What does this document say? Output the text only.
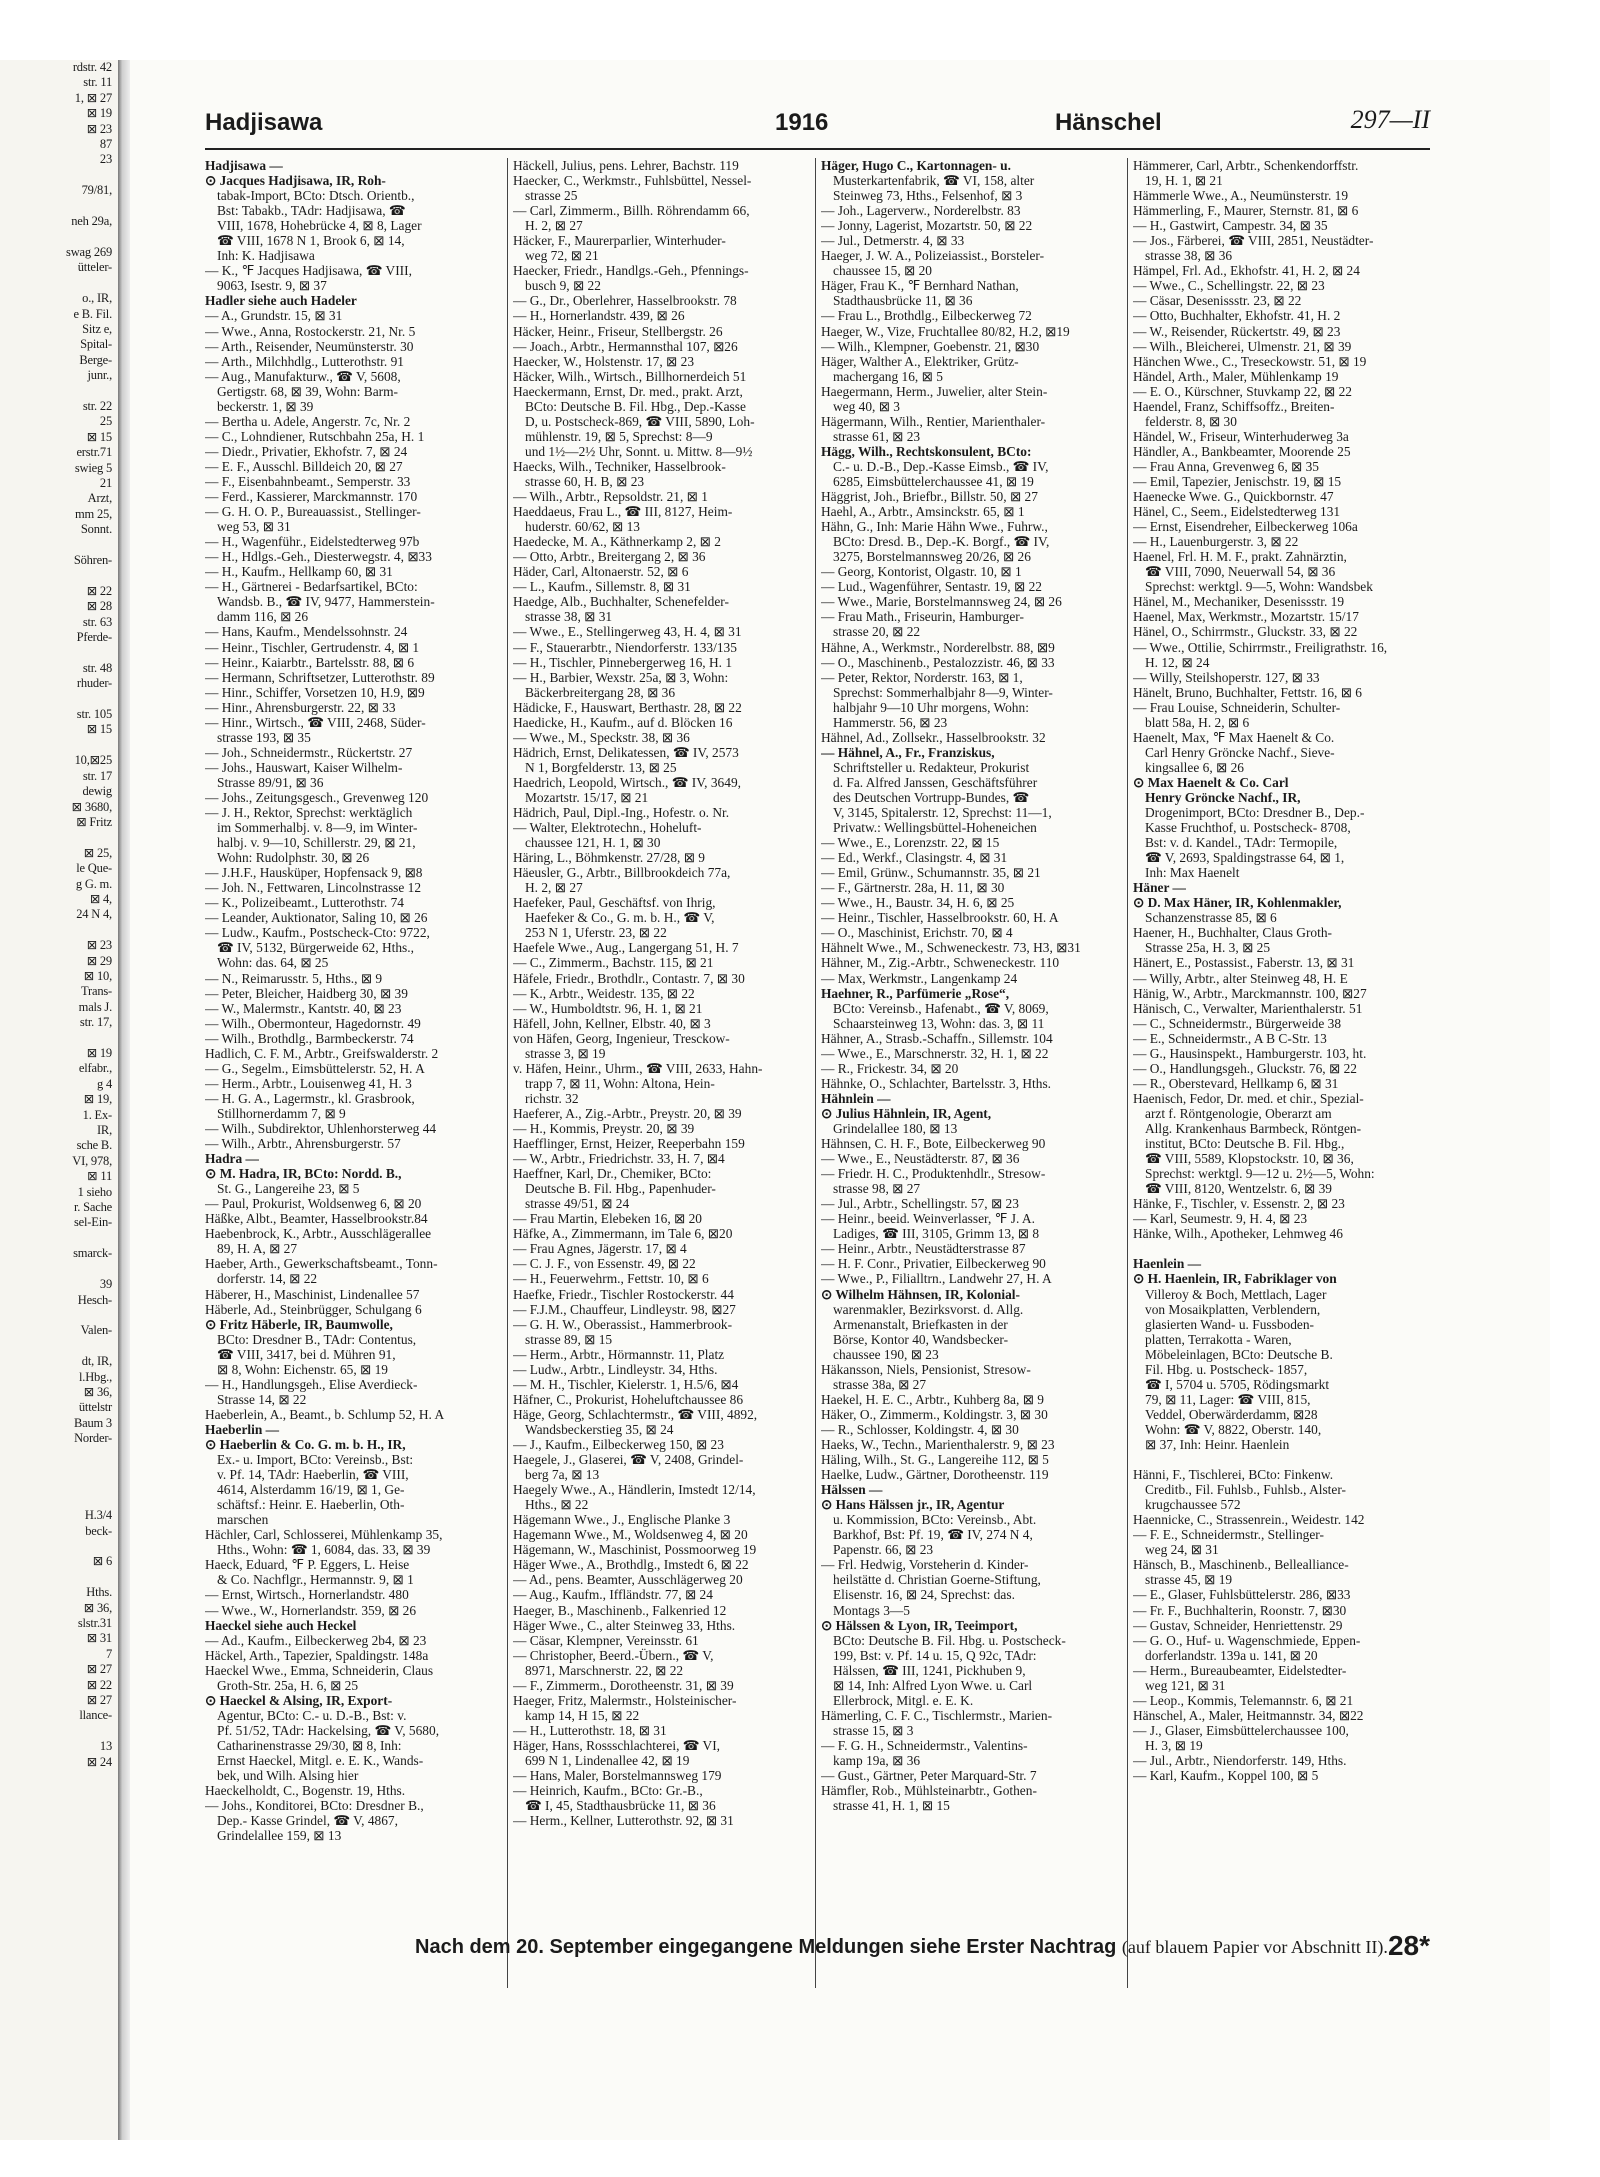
rdstr. 42
str. 11
1, ⊠ 27
⊠ 19
⊠ 23
87
23

79/81,

neh 29a,

swag 269
ütteler-

o., IR,
e B. Fil.
Sitz e,
Spital-
Berge-
junr.,

str. 22
25
⊠ 15
erstr.71
swieg 5
21
Arzt,
mm 25,
Sonnt.

Söhren-

⊠ 22
⊠ 28
str. 63
Pferde-

str. 48
rhuder-

str. 105
⊠ 15

10,⊠25
str. 17
dewig
⊠ 3680,
⊠ Fritz

⊠ 25,
le Que-
g G. m.
⊠ 4,
24 N 4,

⊠ 23
⊠ 29
⊠ 10,
Trans-
mals J.
str. 17,

⊠ 19
elfabr.,
g 4
⊠ 19,
1. Ex-
IR,
sche B.
VI, 978,
⊠ 11
1 sieho
r. Sache
sel-Ein-

smarck-

39
Hesch-

Valen-

dt, IR,
l.Hbg.,
⊠ 36,
üttelstr
Baum 3
Norder-

H.3/4
beck-

⊠ 6

Hths.
⊠ 36,
slstr.31
⊠ 31
7
⊠ 27
⊠ 22
⊠ 27
llance-

13
⊠ 24
Hadjisawa	1916	Hänschel	297—II
Hadjisawa —
⊙ Jacques Hadjisawa, IR, Roh-
tabak-Import, BCto: Dtsch. Orientb.,
Bst: Tabakb., TAdr: Hadjisawa, ☎
VIII, 1678, Hohebrücke 4, ⊠ 8, Lager
☎ VIII, 1678 N 1, Brook 6, ⊠ 14,
Inh: K. Hadjisawa
— K., ℉ Jacques Hadjisawa, ☎ VIII,
9063, Isestr. 9, ⊠ 37
Hadler siehe auch Hadeler
— A., Grundstr. 15, ⊠ 31
— Wwe., Anna, Rostockerstr. 21, Nr. 5
— Arth., Reisender, Neumünsterstr. 30
— Arth., Milchhdlg., Lutterothstr. 91
— Aug., Manufakturw., ☎ V, 5608,
Gertigstr. 68, ⊠ 39, Wohn: Barm-
beckerstr. 1, ⊠ 39
— Bertha u. Adele, Angerstr. 7c, Nr. 2
— C., Lohndiener, Rutschbahn 25a, H. 1
— Diedr., Privatier, Ekhofstr. 7, ⊠ 24
— E. F., Ausschl. Billdeich 20, ⊠ 27
— F., Eisenbahnbeamt., Semperstr. 33
— Ferd., Kassierer, Marckmannstr. 170
— G. H. O. P., Bureauassist., Stellinger-
weg 53, ⊠ 31
— H., Wagenführ., Eidelstedterweg 97b
— H., Hdlgs.-Geh., Diesterwegstr. 4, ⊠33
— H., Kaufm., Hellkamp 60, ⊠ 31
— H., Gärtnerei - Bedarfsartikel, BCto:
Wandsb. B., ☎ IV, 9477, Hammerstein-
damm 116, ⊠ 26
— Hans, Kaufm., Mendelssohnstr. 24
— Heinr., Tischler, Gertrudenstr. 4, ⊠ 1
— Heinr., Kaiarbtr., Bartelsstr. 88, ⊠ 6
— Hermann, Schriftsetzer, Lutterothstr. 89
— Hinr., Schiffer, Vorsetzen 10, H.9, ⊠9
— Hinr., Ahrensburgerstr. 22, ⊠ 33
— Hinr., Wirtsch., ☎ VIII, 2468, Süder-
strasse 193, ⊠ 35
— Joh., Schneidermstr., Rückertstr. 27
— Johs., Hauswart, Kaiser Wilhelm-
Strasse 89/91, ⊠ 36
— Johs., Zeitungsgesch., Grevenweg 120
— J. H., Rektor, Sprechst: werktäglich
im Sommerhalbj. v. 8—9, im Winter-
halbj. v. 9—10, Schillerstr. 29, ⊠ 21,
Wohn: Rudolphstr. 30, ⊠ 26
— J.H.F., Hausküper, Hopfensack 9, ⊠8
— Joh. N., Fettwaren, Lincolnstrasse 12
— K., Polizeibeamt., Lutterothstr. 74
— Leander, Auktionator, Saling 10, ⊠ 26
— Ludw., Kaufm., Postscheck-Cto: 9722,
☎ IV, 5132, Bürgerweide 62, Hths.,
Wohn: das. 64, ⊠ 25
— N., Reimarusstr. 5, Hths., ⊠ 9
— Peter, Bleicher, Haidberg 30, ⊠ 39
— W., Malermstr., Kantstr. 40, ⊠ 23
— Wilh., Obermonteur, Hagedornstr. 49
— Wilh., Brothdlg., Barmbeckerstr. 74
Hadlich, C. F. M., Arbtr., Greifswalderstr. 2
— G., Segelm., Eimsbüttelerstr. 52, H. A
— Herm., Arbtr., Louisenweg 41, H. 3
— H. G. A., Lagermstr., kl. Grasbrook,
Stillhornerdamm 7, ⊠ 9
— Wilh., Subdirektor, Uhlenhorsterweg 44
— Wilh., Arbtr., Ahrensburgerstr. 57
Hadra —
⊙ M. Hadra, IR, BCto: Nordd. B.,
St. G., Langereihe 23, ⊠ 5
— Paul, Prokurist, Woldsenweg 6, ⊠ 20
Häßke, Albt., Beamter, Hasselbrookstr.84
Haebenbrock, K., Arbtr., Ausschlägerallee
89, H. A, ⊠ 27
Haeber, Arth., Gewerkschaftsbeamt., Tonn-
dorferstr. 14, ⊠ 22
Häberer, H., Maschinist, Lindenallee 57
Häberle, Ad., Steinbrügger, Schulgang 6
⊙ Fritz Häberle, IR, Baumwolle,
BCto: Dresdner B., TAdr: Contentus,
☎ VIII, 3417, bei d. Mühren 91,
⊠ 8, Wohn: Eichenstr. 65, ⊠ 19
— H., Handlungsgeh., Elise Averdieck-
Strasse 14, ⊠ 22
Haeberlein, A., Beamt., b. Schlump 52, H. A
Haeberlin —
⊙ Haeberlin & Co. G. m. b. H., IR,
Ex.- u. Import, BCto: Vereinsb., Bst:
v. Pf. 14, TAdr: Haeberlin, ☎ VIII,
4614, Alsterdamm 16/19, ⊠ 1, Ge-
schäftsf.: Heinr. E. Haeberlin, Oth-
marschen
Hächler, Carl, Schlosserei, Mühlenkamp 35,
Hths., Wohn: ☎ 1, 6084, das. 33, ⊠ 39
Haeck, Eduard, ℉ P. Eggers, L. Heise
& Co. Nachflgr., Hermannstr. 9, ⊠ 1
— Ernst, Wirtsch., Hornerlandstr. 480
— Wwe., W., Hornerlandstr. 359, ⊠ 26
Haeckel siehe auch Heckel
— Ad., Kaufm., Eilbeckerweg 2b4, ⊠ 23
Häckel, Arth., Tapezier, Spaldingstr. 148a
Haeckel Wwe., Emma, Schneiderin, Claus
Groth-Str. 25a, H. 6, ⊠ 25
⊙ Haeckel & Alsing, IR, Export-
Agentur, BCto: C.- u. D.-B., Bst: v.
Pf. 51/52, TAdr: Hackelsing, ☎ V, 5680,
Catharinenstrasse 29/30, ⊠ 8, Inh:
Ernst Haeckel, Mitgl. e. E. K., Wands-
bek, und Wilh. Alsing hier
Haeckelholdt, C., Bogenstr. 19, Hths.
— Johs., Konditorei, BCto: Dresdner B.,
Dep.- Kasse Grindel, ☎ V, 4867,
Grindelallee 159, ⊠ 13
Häckell, Julius, pens. Lehrer, Bachstr. 119
Haecker, C., Werkmstr., Fuhlsbüttel, Nessel-
strasse 25
— Carl, Zimmerm., Billh. Röhrendamm 66,
H. 2, ⊠ 27
Häcker, F., Maurerparlier, Winterhuder-
weg 72, ⊠ 21
Haecker, Friedr., Handlgs.-Geh., Pfennings-
busch 9, ⊠ 22
— G., Dr., Oberlehrer, Hasselbrookstr. 78
— H., Hornerlandstr. 439, ⊠ 26
Häcker, Heinr., Friseur, Stellbergstr. 26
— Joach., Arbtr., Hermannsthal 107, ⊠26
Haecker, W., Holstenstr. 17, ⊠ 23
Häcker, Wilh., Wirtsch., Billhornerdeich 51
Haeckermann, Ernst, Dr. med., prakt. Arzt,
BCto: Deutsche B. Fil. Hbg., Dep.-Kasse
D, u. Postscheck-869, ☎ VIII, 5890, Loh-
mühlenstr. 19, ⊠ 5, Sprechst: 8—9
und 1½—2½ Uhr, Sonnt. u. Mittw. 8—9½
Haecks, Wilh., Techniker, Hasselbrook-
strasse 60, H. B, ⊠ 23
— Wilh., Arbtr., Repsoldstr. 21, ⊠ 1
Haeddaeus, Frau L., ☎ III, 8127, Heim-
huderstr. 60/62, ⊠ 13
Haedecke, M. A., Käthnerkamp 2, ⊠ 2
— Otto, Arbtr., Breitergang 2, ⊠ 36
Häder, Carl, Altonaerstr. 52, ⊠ 6
— L., Kaufm., Sillemstr. 8, ⊠ 31
Haedge, Alb., Buchhalter, Schenefelder-
strasse 38, ⊠ 31
— Wwe., E., Stellingerweg 43, H. 4, ⊠ 31
— F., Stauerarbtr., Niendorferstr. 133/135
— H., Tischler, Pinnebergerweg 16, H. 1
— H., Barbier, Wexstr. 25a, ⊠ 3, Wohn:
Bäckerbreitergang 28, ⊠ 36
Hädicke, F., Hauswart, Berthastr. 28, ⊠ 22
Haedicke, H., Kaufm., auf d. Blöcken 16
— Wwe., M., Speckstr. 38, ⊠ 36
Hädrich, Ernst, Delikatessen, ☎ IV, 2573
N 1, Borgfelderstr. 13, ⊠ 25
Haedrich, Leopold, Wirtsch., ☎ IV, 3649,
Mozartstr. 15/17, ⊠ 21
Hädrich, Paul, Dipl.-Ing., Hofestr. o. Nr.
— Walter, Elektrotechn., Hoheluft-
chaussee 121, H. 1, ⊠ 30
Häring, L., Böhmkenstr. 27/28, ⊠ 9
Häeusler, G., Arbtr., Billbrookdeich 77a,
H. 2, ⊠ 27
Haefeker, Paul, Geschäftsf. von Ihrig,
Haefeker & Co., G. m. b. H., ☎ V,
253 N 1, Uferstr. 23, ⊠ 22
Haefele Wwe., Aug., Langergang 51, H. 7
— C., Zimmerm., Bachstr. 115, ⊠ 21
Häfele, Friedr., Brothdlr., Contastr. 7, ⊠ 30
— K., Arbtr., Weidestr. 135, ⊠ 22
— W., Humboldtstr. 96, H. 1, ⊠ 21
Häfell, John, Kellner, Elbstr. 40, ⊠ 3
von Häfen, Georg, Ingenieur, Tresckow-
strasse 3, ⊠ 19
v. Häfen, Heinr., Uhrm., ☎ VIII, 2633, Hahn-
trapp 7, ⊠ 11, Wohn: Altona, Hein-
richstr. 32
Haeferer, A., Zig.-Arbtr., Preystr. 20, ⊠ 39
— H., Kommis, Preystr. 20, ⊠ 39
Haefflinger, Ernst, Heizer, Reeperbahn 159
— W., Arbtr., Friedrichstr. 33, H. 7, ⊠4
Haeffner, Karl, Dr., Chemiker, BCto:
Deutsche B. Fil. Hbg., Papenhuder-
strasse 49/51, ⊠ 24
— Frau Martin, Elebeken 16, ⊠ 20
Häfke, A., Zimmermann, im Tale 6, ⊠20
— Frau Agnes, Jägerstr. 17, ⊠ 4
— C. J. F., von Essenstr. 49, ⊠ 22
— H., Feuerwehrm., Fettstr. 10, ⊠ 6
Haefke, Friedr., Tischler Rostockerstr. 44
— F.J.M., Chauffeur, Lindleystr. 98, ⊠27
— G. H. W., Oberassist., Hammerbrook-
strasse 89, ⊠ 15
— Herm., Arbtr., Hörmannstr. 11, Platz
— Ludw., Arbtr., Lindleystr. 34, Hths.
— M. H., Tischler, Kielerstr. 1, H.5/6, ⊠4
Häfner, C., Prokurist, Hoheluftchaussee 86
Häge, Georg, Schlachtermstr., ☎ VIII, 4892,
Wandsbeckerstieg 35, ⊠ 24
— J., Kaufm., Eilbeckerweg 150, ⊠ 23
Haegele, J., Glaserei, ☎ V, 2408, Grindel-
berg 7a, ⊠ 13
Haegely Wwe., A., Händlerin, Imstedt 12/14,
Hths., ⊠ 22
Hägemann Wwe., J., Englische Planke 3
Hagemann Wwe., M., Woldsenweg 4, ⊠ 20
Hägemann, W., Maschinist, Possmoorweg 19
Häger Wwe., A., Brothdlg., Imstedt 6, ⊠ 22
— Ad., pens. Beamter, Ausschlägerweg 20
— Aug., Kaufm., Iffländstr. 77, ⊠ 24
Haeger, B., Maschinenb., Falkenried 12
Häger Wwe., C., alter Steinweg 33, Hths.
— Cäsar, Klempner, Vereinsstr. 61
— Christopher, Beerd.-Übern., ☎ V,
8971, Marschnerstr. 22, ⊠ 22
— F., Zimmerm., Dorotheenstr. 31, ⊠ 39
Haeger, Fritz, Malermstr., Holsteinischer-
kamp 14, H 15, ⊠ 22
— H., Lutterothstr. 18, ⊠ 31
Häger, Hans, Rossschlachterei, ☎ VI,
699 N 1, Lindenallee 42, ⊠ 19
— Hans, Maler, Borstelmannsweg 179
— Heinrich, Kaufm., BCto: Gr.-B.,
☎ I, 45, Stadthausbrücke 11, ⊠ 36
— Herm., Kellner, Lutterothstr. 92, ⊠ 31
Häger, Hugo C., Kartonnagen- u.
Musterkartenfabrik, ☎ VI, 158, alter
Steinweg 73, Hths., Felsenhof, ⊠ 3
— Joh., Lagerverw., Norderelbstr. 83
— Jonny, Lagerist, Mozartstr. 50, ⊠ 22
— Jul., Detmerstr. 4, ⊠ 33
Haeger, J. W. A., Polizeiassist., Borsteler-
chaussee 15, ⊠ 20
Häger, Frau K., ℉ Bernhard Nathan,
Stadthausbrücke 11, ⊠ 36
— Frau L., Brothdlg., Eilbeckerweg 72
Haeger, W., Vize, Fruchtallee 80/82, H.2, ⊠19
— Wilh., Klempner, Goebenstr. 21, ⊠30
Häger, Walther A., Elektriker, Grütz-
machergang 16, ⊠ 5
Haegermann, Herm., Juwelier, alter Stein-
weg 40, ⊠ 3
Hägermann, Wilh., Rentier, Marienthaler-
strasse 61, ⊠ 23
Hägg, Wilh., Rechtskonsulent, BCto:
C.- u. D.-B., Dep.-Kasse Eimsb., ☎ IV,
6285, Eimsbüttelerchaussee 41, ⊠ 19
Häggrist, Joh., Briefbr., Billstr. 50, ⊠ 27
Haehl, A., Arbtr., Amsinckstr. 65, ⊠ 1
Hähn, G., Inh: Marie Hähn Wwe., Fuhrw.,
BCto: Dresd. B., Dep.-K. Borgf., ☎ IV,
3275, Borstelmannsweg 20/26, ⊠ 26
— Georg, Kontorist, Olgastr. 10, ⊠ 1
— Lud., Wagenführer, Sentastr. 19, ⊠ 22
— Wwe., Marie, Borstelmannsweg 24, ⊠ 26
— Frau Math., Friseurin, Hamburger-
strasse 20, ⊠ 22
Hähne, A., Werkmstr., Norderelbstr. 88, ⊠9
— O., Maschinenb., Pestalozzistr. 46, ⊠ 33
— Peter, Rektor, Norderstr. 163, ⊠ 1,
Sprechst: Sommerhalbjahr 8—9, Winter-
halbjahr 9—10 Uhr morgens, Wohn:
Hammerstr. 56, ⊠ 23
Hähnel, Ad., Zollsekr., Hasselbrookstr. 32
— Hähnel, A., Fr., Franziskus,
Schriftsteller u. Redakteur, Prokurist
d. Fa. Alfred Janssen, Geschäftsführer
des Deutschen Vortrupp-Bundes, ☎
V, 3145, Spitalerstr. 12, Sprechst: 11—1,
Privatw.: Wellingsbüttel-Hoheneichen
— Wwe., E., Lorenzstr. 22, ⊠ 15
— Ed., Werkf., Clasingstr. 4, ⊠ 31
— Emil, Grünw., Schumannstr. 35, ⊠ 21
— F., Gärtnerstr. 28a, H. 11, ⊠ 30
— Wwe., H., Baustr. 34, H. 6, ⊠ 25
— Heinr., Tischler, Hasselbrookstr. 60, H. A
— O., Maschinist, Erichstr. 70, ⊠ 4
Hähnelt Wwe., M., Schweneckestr. 73, H3, ⊠31
Hähner, M., Zig.-Arbtr., Schweneckestr. 110
— Max, Werkmstr., Langenkamp 24
Haehner, R., Parfümerie „Rose“,
BCto: Vereinsb., Hafenabt., ☎ V, 8069,
Schaarsteinweg 13, Wohn: das. 3, ⊠ 11
Hähner, A., Strasb.-Schaffn., Sillemstr. 104
— Wwe., E., Marschnerstr. 32, H. 1, ⊠ 22
— R., Frickestr. 34, ⊠ 20
Hähnke, O., Schlachter, Bartelsstr. 3, Hths.
Hähnlein —
⊙ Julius Hähnlein, IR, Agent,
Grindelallee 180, ⊠ 13
Hähnsen, C. H. F., Bote, Eilbeckerweg 90
— Wwe., E., Neustädterstr. 87, ⊠ 36
— Friedr. H. C., Produktenhdlr., Stresow-
strasse 98, ⊠ 27
— Jul., Arbtr., Schellingstr. 57, ⊠ 23
— Heinr., beeid. Weinverlasser, ℉ J. A.
Ladiges, ☎ III, 3105, Grimm 13, ⊠ 8
— Heinr., Arbtr., Neustädterstrasse 87
— H. F. Conr., Privatier, Eilbeckerweg 90
— Wwe., P., Filialltrn., Landwehr 27, H. A
⊙ Wilhelm Hähnsen, IR, Kolonial-
warenmakler, Bezirksvorst. d. Allg.
Armenanstalt, Briefkasten in der
Börse, Kontor 40, Wandsbecker-
chaussee 190, ⊠ 23
Häkansson, Niels, Pensionist, Stresow-
strasse 38a, ⊠ 27
Haekel, H. E. C., Arbtr., Kuhberg 8a, ⊠ 9
Häker, O., Zimmerm., Koldingstr. 3, ⊠ 30
— R., Schlosser, Koldingstr. 4, ⊠ 30
Haeks, W., Techn., Marienthalerstr. 9, ⊠ 23
Häling, Wilh., St. G., Langereihe 112, ⊠ 5
Haelke, Ludw., Gärtner, Dorotheenstr. 119
Hälssen —
⊙ Hans Hälssen jr., IR, Agentur
u. Kommission, BCto: Vereinsb., Abt.
Barkhof, Bst: Pf. 19, ☎ IV, 274 N 4,
Papenstr. 66, ⊠ 23
— Frl. Hedwig, Vorsteherin d. Kinder-
heilstätte d. Christian Goerne-Stiftung,
Elisenstr. 16, ⊠ 24, Sprechst: das.
Montags 3—5
⊙ Hälssen & Lyon, IR, Teeimport,
BCto: Deutsche B. Fil. Hbg. u. Postscheck-
199, Bst: v. Pf. 14 u. 15, Q 92c, TAdr:
Hälssen, ☎ III, 1241, Pickhuben 9,
⊠ 14, Inh: Alfred Lyon Wwe. u. Carl
Ellerbrock, Mitgl. e. E. K.
Hämerling, C. F. C., Tischlermstr., Marien-
strasse 15, ⊠ 3
— F. G. H., Schneidermstr., Valentins-
kamp 19a, ⊠ 36
— Gust., Gärtner, Peter Marquard-Str. 7
Hämfler, Rob., Mühlsteinarbtr., Gothen-
strasse 41, H. 1, ⊠ 15
Hämmerer, Carl, Arbtr., Schenkendorffstr.
19, H. 1, ⊠ 21
Hämmerle Wwe., A., Neumünsterstr. 19
Hämmerling, F., Maurer, Sternstr. 81, ⊠ 6
— H., Gastwirt, Campestr. 34, ⊠ 35
— Jos., Färberei, ☎ VIII, 2851, Neustädter-
strasse 38, ⊠ 36
Hämpel, Frl. Ad., Ekhofstr. 41, H. 2, ⊠ 24
— Wwe., C., Schellingstr. 22, ⊠ 23
— Cäsar, Desenissstr. 23, ⊠ 22
— Otto, Buchhalter, Ekhofstr. 41, H. 2
— W., Reisender, Rückertstr. 49, ⊠ 23
— Wilh., Bleicherei, Ulmenstr. 21, ⊠ 39
Hänchen Wwe., C., Treseckowstr. 51, ⊠ 19
Händel, Arth., Maler, Mühlenkamp 19
— E. O., Kürschner, Stuvkamp 22, ⊠ 22
Haendel, Franz, Schiffsoffz., Breiten-
felderstr. 8, ⊠ 30
Händel, W., Friseur, Winterhuderweg 3a
Händler, A., Bankbeamter, Moorende 25
— Frau Anna, Grevenweg 6, ⊠ 35
— Emil, Tapezier, Jenischstr. 19, ⊠ 15
Haenecke Wwe. G., Quickbornstr. 47
Hänel, C., Seem., Eidelstedterweg 131
— Ernst, Eisendreher, Eilbeckerweg 106a
— H., Lauenburgerstr. 3, ⊠ 22
Haenel, Frl. H. M. F., prakt. Zahnärztin,
☎ VIII, 7090, Neuerwall 54, ⊠ 36
Sprechst: werktgl. 9—5, Wohn: Wandsbek
Hänel, M., Mechaniker, Desenissstr. 19
Haenel, Max, Werkmstr., Mozartstr. 15/17
Hänel, O., Schirrmstr., Gluckstr. 33, ⊠ 22
— Wwe., Ottilie, Schirrmstr., Freiligrathstr. 16,
H. 12, ⊠ 24
— Willy, Steilshoperstr. 127, ⊠ 33
Hänelt, Bruno, Buchhalter, Fettstr. 16, ⊠ 6
— Frau Louise, Schneiderin, Schulter-
blatt 58a, H. 2, ⊠ 6
Haenelt, Max, ℉ Max Haenelt & Co.
Carl Henry Gröncke Nachf., Sieve-
kingsallee 6, ⊠ 26
⊙ Max Haenelt & Co. Carl
Henry Gröncke Nachf., IR,
Drogenimport, BCto: Dresdner B., Dep.-
Kasse Fruchthof, u. Postscheck- 8708,
Bst: v. d. Kandel., TAdr: Termopile,
☎ V, 2693, Spaldingstrasse 64, ⊠ 1,
Inh: Max Haenelt
Häner —
⊙ D. Max Häner, IR, Kohlenmakler,
Schanzenstrasse 85, ⊠ 6
Haener, H., Buchhalter, Claus Groth-
Strasse 25a, H. 3, ⊠ 25
Hänert, E., Postassist., Faberstr. 13, ⊠ 31
— Willy, Arbtr., alter Steinweg 48, H. E
Hänig, W., Arbtr., Marckmannstr. 100, ⊠27
Hänisch, C., Verwalter, Marienthalerstr. 51
— C., Schneidermstr., Bürgerweide 38
— E., Schneidermstr., A B C-Str. 13
— G., Hausinspekt., Hamburgerstr. 103, ht.
— O., Handlungsgeh., Gluckstr. 76, ⊠ 22
— R., Oberstevard, Hellkamp 6, ⊠ 31
Haenisch, Fedor, Dr. med. et chir., Spezial-
arzt f. Röntgenologie, Oberarzt am
Allg. Krankenhaus Barmbeck, Röntgen-
institut, BCto: Deutsche B. Fil. Hbg.,
☎ VIII, 5589, Klopstockstr. 10, ⊠ 36,
Sprechst: werktgl. 9—12 u. 2½—5, Wohn:
☎ VIII, 8120, Wentzelstr. 6, ⊠ 39
Hänke, F., Tischler, v. Essenstr. 2, ⊠ 23
— Karl, Seumestr. 9, H. 4, ⊠ 23
Hänke, Wilh., Apotheker, Lehmweg 46

Haenlein —
⊙ H. Haenlein, IR, Fabriklager von
Villeroy & Boch, Mettlach, Lager
von Mosaikplatten, Verblendern,
glasierten Wand- u. Fussboden-
platten, Terrakotta - Waren,
Möbeleinlagen, BCto: Deutsche B.
Fil. Hbg. u. Postscheck- 1857,
☎ I, 5704 u. 5705, Rödingsmarkt
79, ⊠ 11, Lager: ☎ VIII, 815,
Veddel, Oberwärderdamm, ⊠28
Wohn: ☎ V, 8822, Oberstr. 140,
⊠ 37, Inh: Heinr. Haenlein

Hänni, F., Tischlerei, BCto: Finkenw.
Creditb., Fil. Fuhlsb., Fuhlsb., Alster-
krugchaussee 572
Haennicke, C., Strassenrein., Weidestr. 142
— F. E., Schneidermstr., Stellinger-
weg 24, ⊠ 31
Hänsch, B., Maschinenb., Bellealliance-
strasse 45, ⊠ 19
— E., Glaser, Fuhlsbüttelerstr. 286, ⊠33
— Fr. F., Buchhalterin, Roonstr. 7, ⊠30
— Gustav, Schneider, Henriettenstr. 29
— G. O., Huf- u. Wagenschmiede, Eppen-
dorferlandstr. 139a u. 141, ⊠ 20
— Herm., Bureaubeamter, Eidelstedter-
weg 121, ⊠ 31
— Leop., Kommis, Telemannstr. 6, ⊠ 21
Hänschel, A., Maler, Heitmannstr. 34, ⊠22
— J., Glaser, Eimsbüttelerchaussee 100,
H. 3, ⊠ 19
— Jul., Arbtr., Niendorferstr. 149, Hths.
— Karl, Kaufm., Koppel 100, ⊠ 5
Nach dem 20. September eingegangene Meldungen siehe Erster Nachtrag (auf blauem Papier vor Abschnitt II). 28*
